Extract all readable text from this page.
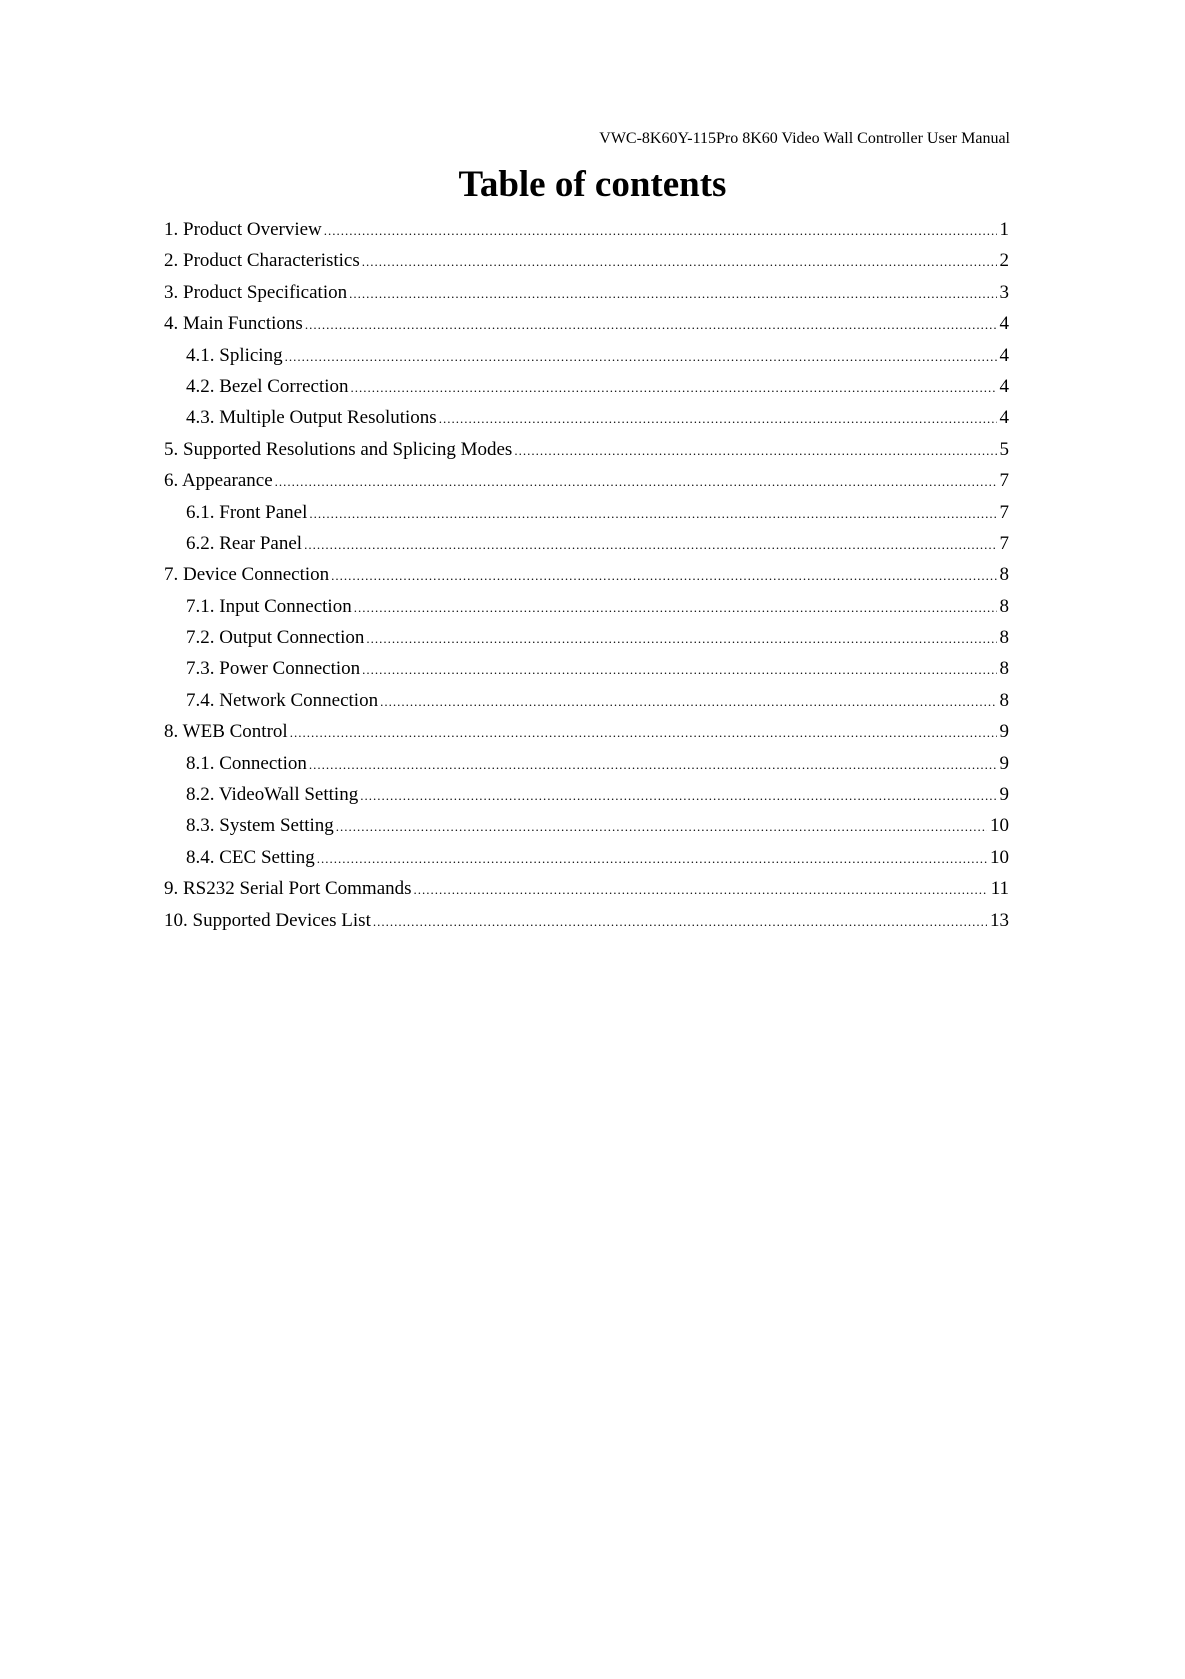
VWC-8K60Y-115Pro 8K60 Video Wall Controller User Manual
Table of contents
1. Product Overview .....	1
2. Product Characteristics .....	2
3. Product Specification .....	3
4. Main Functions .....	4
4.1. Splicing .....	4
4.2. Bezel Correction .....	4
4.3. Multiple Output Resolutions .....	4
5. Supported Resolutions and Splicing Modes .....	5
6. Appearance .....	7
6.1. Front Panel .....	7
6.2. Rear Panel .....	7
7. Device Connection .....	8
7.1. Input Connection .....	8
7.2. Output Connection .....	8
7.3. Power Connection .....	8
7.4. Network Connection .....	8
8. WEB Control .....	9
8.1. Connection .....	9
8.2. VideoWall Setting .....	9
8.3. System Setting .....	10
8.4. CEC Setting .....	10
9. RS232 Serial Port Commands .....	11
10. Supported Devices List .....	13
